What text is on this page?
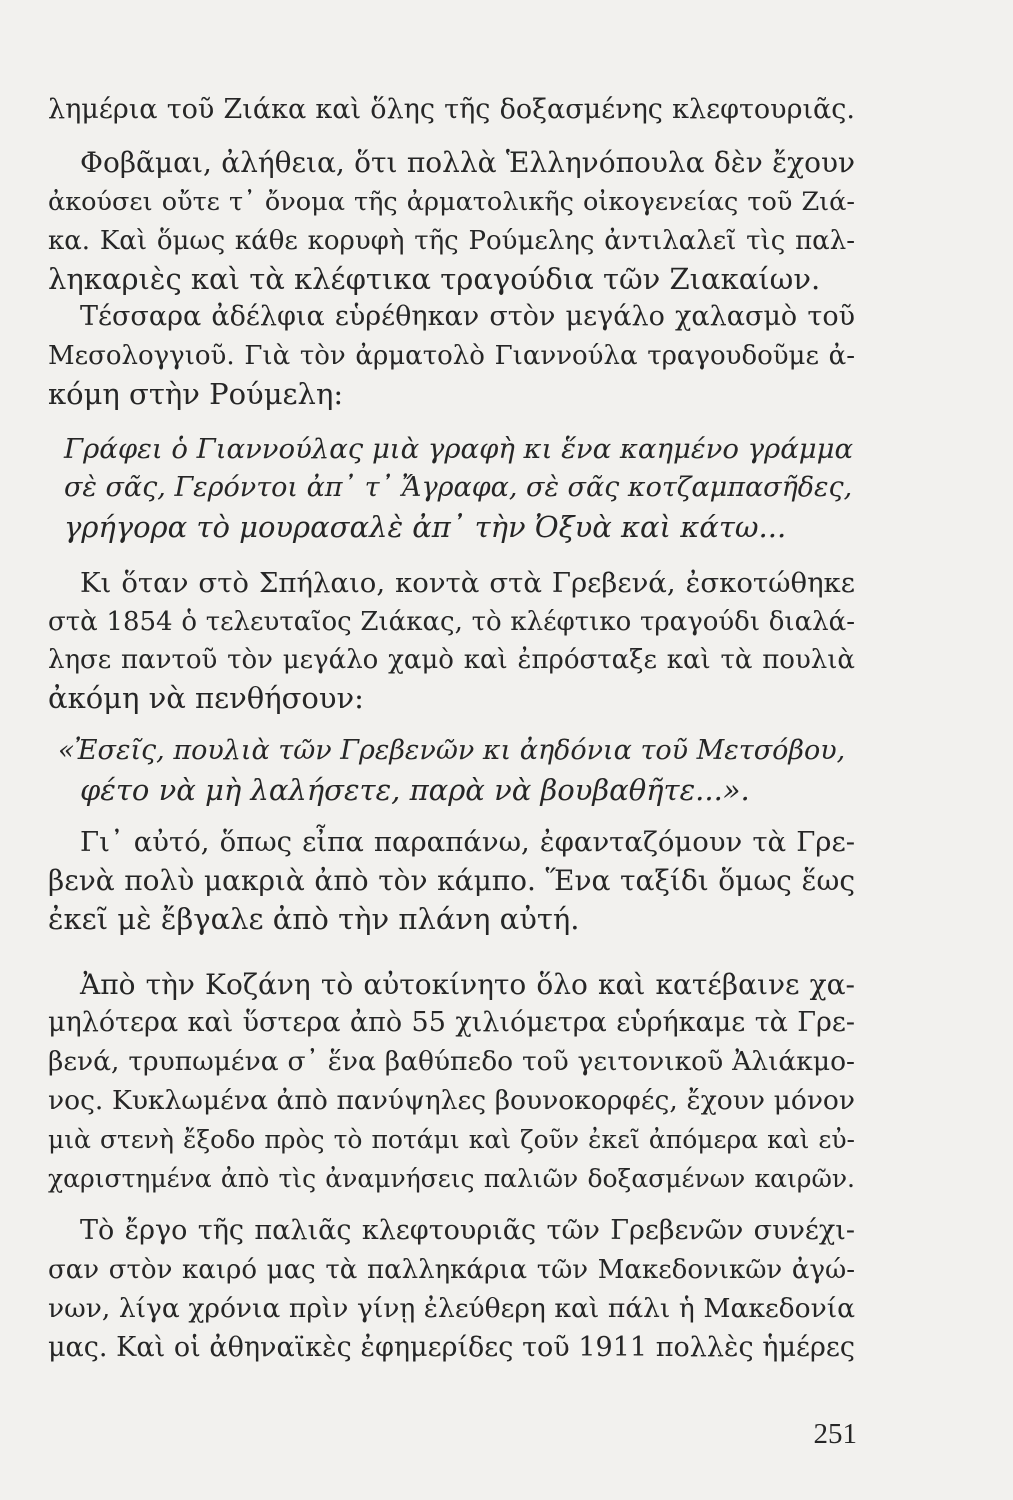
λημέρια τοῦ Ζιάκα καὶ ὅλης τῆς δοξασμένης κλεφτουριᾶς.
Φοβᾶμαι, ἀλήθεια, ὅτι πολλὰ Ἑλληνόπουλα δὲν ἔχουν
ἀκούσει οὔτε τ᾽ ὄνομα τῆς ἀρματολικῆς οἰκογενείας τοῦ Ζιά-
κα. Καὶ ὅμως κάθε κορυφὴ τῆς Ρούμελης ἀντιλαλεῖ τὶς παλ-
ληκαριὲς καὶ τὰ κλέφτικα τραγούδια τῶν Ζιακαίων.
Τέσσαρα ἀδέλφια εὑρέθηκαν στὸν μεγάλο χαλασμὸ τοῦ
Μεσολογγιοῦ. Γιὰ τὸν ἀρματολὸ Γιαννούλα τραγουδοῦμε ἀ-
κόμη στὴν Ρούμελη:
Γράφει ὁ Γιαννούλας μιὰ γραφὴ κι ἕνα καημένο γράμμα
σὲ σᾶς, Γερόντοι ἀπ᾽ τ᾽ Ἄγραφα, σὲ σᾶς κοτζαμπασῆδες,
γρήγορα τὸ μουρασαλὲ ἀπ᾽ τὴν Ὀξυὰ καὶ κάτω...
Κι ὅταν στὸ Σπήλαιο, κοντὰ στὰ Γρεβενά, ἐσκοτώθηκε
στὰ 1854 ὁ τελευταῖος Ζιάκας, τὸ κλέφτικο τραγούδι διαλά-
λησε παντοῦ τὸν μεγάλο χαμὸ καὶ ἐπρόσταξε καὶ τὰ πουλιὰ
ἀκόμη νὰ πενθήσουν:
«Ἐσεῖς, πουλιὰ τῶν Γρεβενῶν κι ἀηδόνια τοῦ Μετσόβου,
φέτο νὰ μὴ λαλήσετε, παρὰ νὰ βουβαθῆτε...».
Γι᾽ αὐτό, ὅπως εἶπα παραπάνω, ἐφανταζόμουν τὰ Γρε-
βενὰ πολὺ μακριὰ ἀπὸ τὸν κάμπο. Ἕνα ταξίδι ὅμως ἕως
ἐκεῖ μὲ ἔβγαλε ἀπὸ τὴν πλάνη αὐτή.
Ἀπὸ τὴν Κοζάνη τὸ αὐτοκίνητο ὅλο καὶ κατέβαινε χα-
μηλότερα καὶ ὕστερα ἀπὸ 55 χιλιόμετρα εὑρήκαμε τὰ Γρε-
βενά, τρυπωμένα σ᾽ ἕνα βαθύπεδο τοῦ γειτονικοῦ Ἀλιάκμο-
νος. Κυκλωμένα ἀπὸ πανύψηλες βουνοκορφές, ἔχουν μόνον
μιὰ στενὴ ἔξοδο πρὸς τὸ ποτάμι καὶ ζοῦν ἐκεῖ ἀπόμερα καὶ εὐ-
χαριστημένα ἀπὸ τὶς ἀναμνήσεις παλιῶν δοξασμένων καιρῶν.
Τὸ ἔργο τῆς παλιᾶς κλεφτουριᾶς τῶν Γρεβενῶν συνέχι-
σαν στὸν καιρό μας τὰ παλληκάρια τῶν Μακεδονικῶν ἀγώ-
νων, λίγα χρόνια πρὶν γίνῃ ἐλεύθερη καὶ πάλι ἡ Μακεδονία
μας. Καὶ οἱ ἀθηναϊκὲς ἐφημερίδες τοῦ 1911 πολλὲς ἡμέρες
251
